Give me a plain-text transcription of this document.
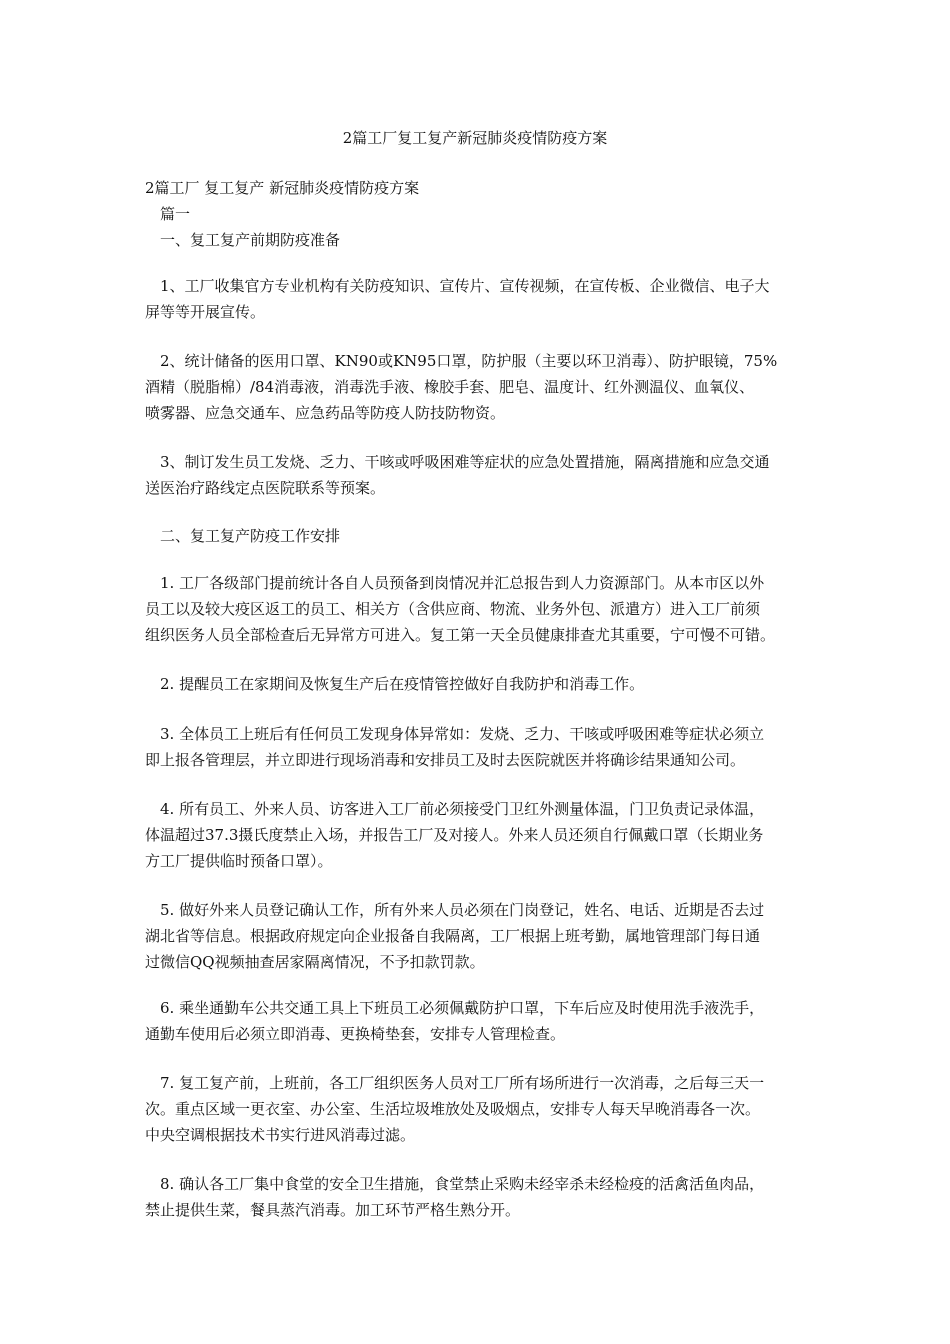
2篇工厂复工复产新冠肺炎疫情防疫方案
2篇工厂 复工复产 新冠肺炎疫情防疫方案
篇一
一、复工复产前期防疫准备
1、工厂收集官方专业机构有关防疫知识、宣传片、宣传视频，在宣传板、企业微信、电子大
屏等等开展宣传。
2、统计储备的医用口罩、KN90或KN95口罩，防护服（主要以环卫消毒）、防护眼镜，75%
酒精（脱脂棉）/84消毒液，消毒洗手液、橡胶手套、肥皂、温度计、红外测温仪、血氧仪、
喷雾器、应急交通车、应急药品等防疫人防技防物资。
3、制订发生员工发烧、乏力、干咳或呼吸困难等症状的应急处置措施，隔离措施和应急交通
送医治疗路线定点医院联系等预案。
二、复工复产防疫工作安排
1. 工厂各级部门提前统计各自人员预备到岗情况并汇总报告到人力资源部门。从本市区以外
员工以及较大疫区返工的员工、相关方（含供应商、物流、业务外包、派遣方）进入工厂前须
组织医务人员全部检查后无异常方可进入。复工第一天全员健康排查尤其重要，宁可慢不可错。
2. 提醒员工在家期间及恢复生产后在疫情管控做好自我防护和消毒工作。
3. 全体员工上班后有任何员工发现身体异常如：发烧、乏力、干咳或呼吸困难等症状必须立
即上报各管理层，并立即进行现场消毒和安排员工及时去医院就医并将确诊结果通知公司。
4. 所有员工、外来人员、访客进入工厂前必须接受门卫红外测量体温，门卫负责记录体温，
体温超过37.3摄氏度禁止入场，并报告工厂及对接人。外来人员还须自行佩戴口罩（长期业务
方工厂提供临时预备口罩）。
5. 做好外来人员登记确认工作，所有外来人员必须在门岗登记，姓名、电话、近期是否去过
湖北省等信息。根据政府规定向企业报备自我隔离，工厂根据上班考勤，属地管理部门每日通
过微信QQ视频抽查居家隔离情况，不予扣款罚款。
6. 乘坐通勤车公共交通工具上下班员工必须佩戴防护口罩，下车后应及时使用洗手液洗手，
通勤车使用后必须立即消毒、更换椅垫套，安排专人管理检查。
7. 复工复产前，上班前，各工厂组织医务人员对工厂所有场所进行一次消毒，之后每三天一
次。重点区域一更衣室、办公室、生活垃圾堆放处及吸烟点，安排专人每天早晚消毒各一次。
中央空调根据技术书实行进风消毒过滤。
8. 确认各工厂集中食堂的安全卫生措施，食堂禁止采购未经宰杀未经检疫的活禽活鱼肉品，
禁止提供生菜，餐具蒸汽消毒。加工环节严格生熟分开。
